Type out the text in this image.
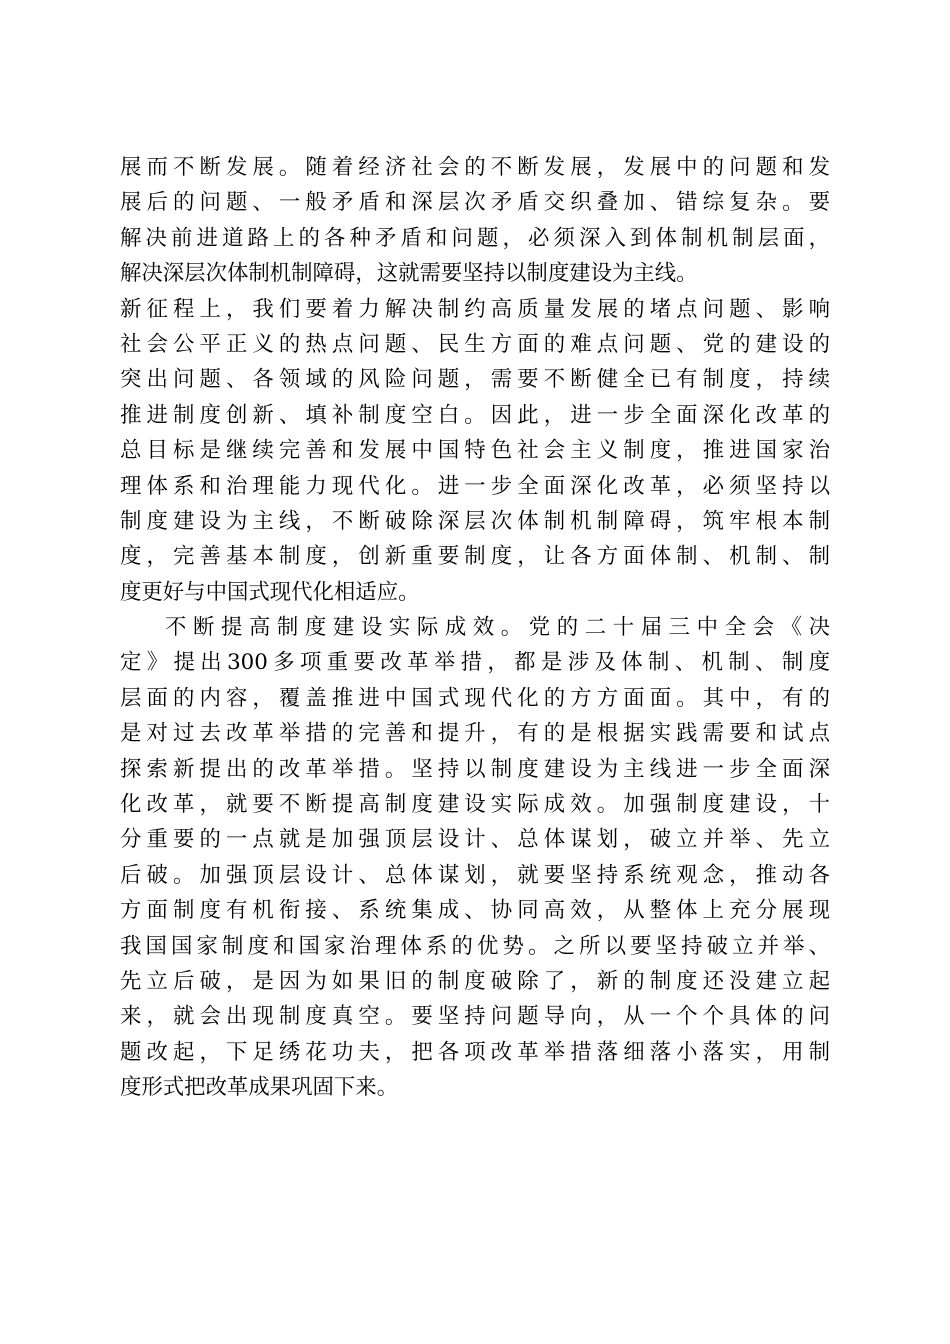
展而不断发展。随着经济社会的不断发展，发展中的问题和发
展后的问题、一般矛盾和深层次矛盾交织叠加、错综复杂。要
解决前进道路上的各种矛盾和问题，必须深入到体制机制层面，
解决深层次体制机制障碍，这就需要坚持以制度建设为主线。
新征程上，我们要着力解决制约高质量发展的堵点问题、影响
社会公平正义的热点问题、民生方面的难点问题、党的建设的
突出问题、各领域的风险问题，需要不断健全已有制度，持续
推进制度创新、填补制度空白。因此，进一步全面深化改革的
总目标是继续完善和发展中国特色社会主义制度，推进国家治
理体系和治理能力现代化。进一步全面深化改革，必须坚持以
制度建设为主线，不断破除深层次体制机制障碍，筑牢根本制
度，完善基本制度，创新重要制度，让各方面体制、机制、制
度更好与中国式现代化相适应。
不断提高制度建设实际成效。党的二十届三中全会《决
定》提出300多项重要改革举措，都是涉及体制、机制、制度
层面的内容，覆盖推进中国式现代化的方方面面。其中，有的
是对过去改革举措的完善和提升，有的是根据实践需要和试点
探索新提出的改革举措。坚持以制度建设为主线进一步全面深
化改革，就要不断提高制度建设实际成效。加强制度建设，十
分重要的一点就是加强顶层设计、总体谋划，破立并举、先立
后破。加强顶层设计、总体谋划，就要坚持系统观念，推动各
方面制度有机衔接、系统集成、协同高效，从整体上充分展现
我国国家制度和国家治理体系的优势。之所以要坚持破立并举、
先立后破，是因为如果旧的制度破除了，新的制度还没建立起
来，就会出现制度真空。要坚持问题导向，从一个个具体的问
题改起，下足绣花功夫，把各项改革举措落细落小落实，用制
度形式把改革成果巩固下来。
